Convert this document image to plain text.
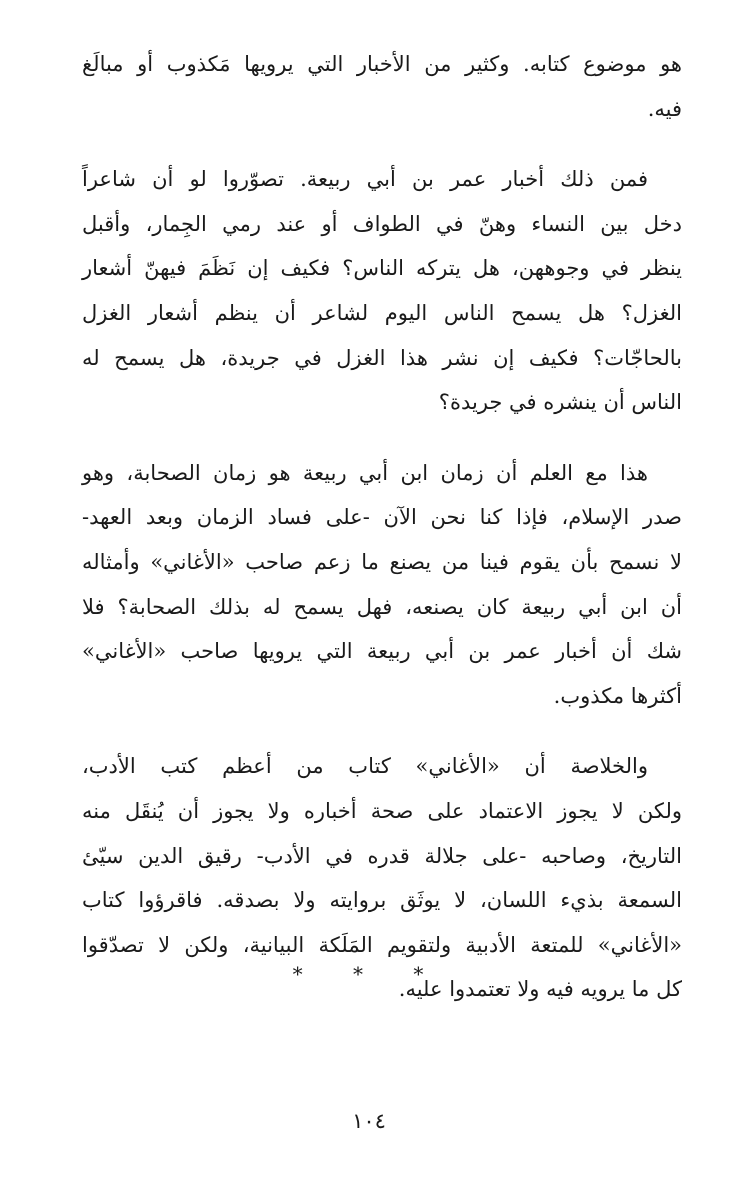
هو موضوع كتابه. وكثير من الأخبار التي يرويها مَكذوب أو مبالَغ
فيه.

فمن ذلك أخبار عمر بن أبي ربيعة. تصوّروا لو أن شاعراً
دخل بين النساء وهنّ في الطواف أو عند رمي الجِمار، وأقبل
ينظر في وجوههن، هل يتركه الناس؟ فكيف إن نَظَمَ فيهنّ أشعار
الغزل؟ هل يسمح الناس اليوم لشاعر أن ينظم أشعار الغزل
بالحاجّات؟ فكيف إن نشر هذا الغزل في جريدة، هل يسمح له
الناس أن ينشره في جريدة؟

هذا مع العلم أن زمان ابن أبي ربيعة هو زمان الصحابة، وهو
صدر الإسلام، فإذا كنا نحن الآن -على فساد الزمان وبعد العهد-
لا نسمح بأن يقوم فينا من يصنع ما زعم صاحب «الأغاني» وأمثاله
أن ابن أبي ربيعة كان يصنعه، فهل يسمح له بذلك الصحابة؟ فلا
شك أن أخبار عمر بن أبي ربيعة التي يرويها صاحب «الأغاني»
أكثرها مكذوب.

والخلاصة أن «الأغاني» كتاب من أعظم كتب الأدب،
ولكن لا يجوز الاعتماد على صحة أخباره ولا يجوز أن يُنقَل منه
التاريخ، وصاحبه -على جلالة قدره في الأدب- رقيق الدين سيّئ
السمعة بذيء اللسان، لا يوثَق بروايته ولا بصدقه. فاقرؤوا كتاب
«الأغاني» للمتعة الأدبية ولتقويم المَلَكة البيانية، ولكن لا تصدّقوا
كل ما يرويه فيه ولا تعتمدوا عليه.

* * *
١٠٤
